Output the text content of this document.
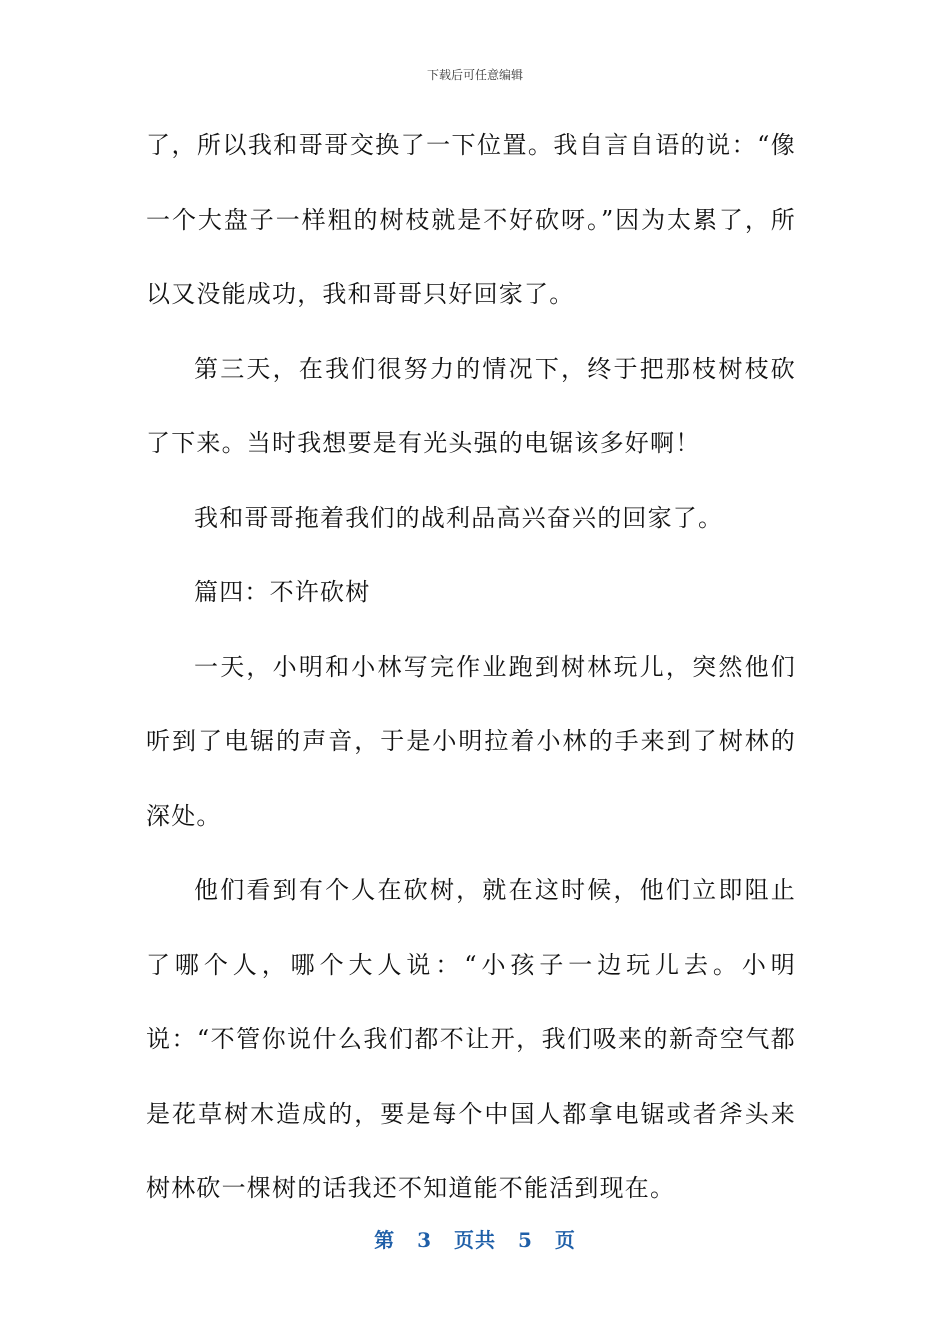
下载后可任意编辑

了，所以我和哥哥交换了一下位置。我自言自语的说：“像一个大盘子一样粗的树枝就是不好砍呀。”因为太累了，所以又没能成功，我和哥哥只好回家了。

第三天，在我们很努力的情况下，终于把那枝树枝砍了下来。当时我想要是有光头强的电锯该多好啊！

我和哥哥拖着我们的战利品高兴奋兴的回家了。

篇四：不许砍树

一天，小明和小林写完作业跑到树林玩儿，突然他们听到了电锯的声音，于是小明拉着小林的手来到了树林的深处。

他们看到有个人在砍树，就在这时候，他们立即阻止了哪个人，哪个大人说：“小孩子一边玩儿去。小明说：“不管你说什么我们都不让开，我们吸来的新奇空气都是花草树木造成的，要是每个中国人都拿电锯或者斧头来树林砍一棵树的话我还不知道能不能活到现在。

第 3 页共 5 页
